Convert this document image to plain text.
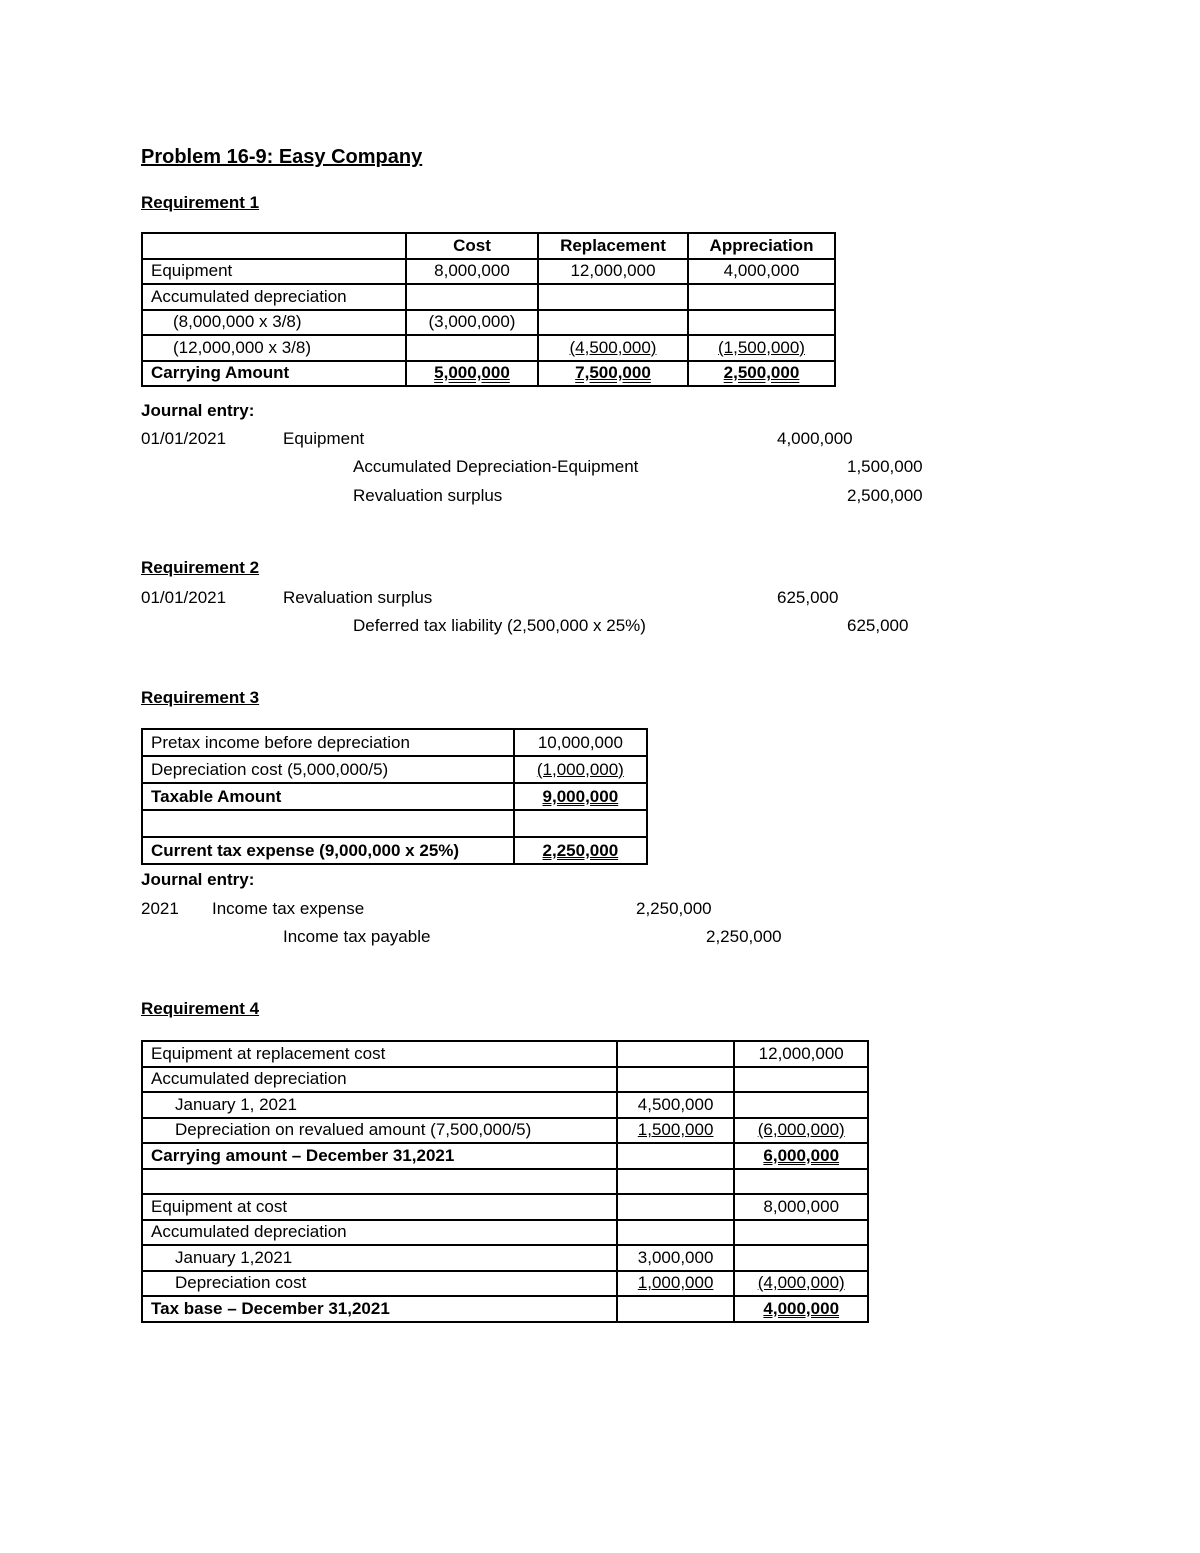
Problem 16-9: Easy Company
Requirement 1
	Cost	Replacement	Appreciation
Equipment	8,000,000	12,000,000	4,000,000
Accumulated depreciation			
(8,000,000 x 3/8)	(3,000,000)		
(12,000,000 x 3/8)		(4,500,000)	(1,500,000)
Carrying Amount	5,000,000	7,500,000	2,500,000
Journal entry:
01/01/2021	Equipment	4,000,000
Accumulated Depreciation-Equipment	1,500,000
Revaluation surplus	2,500,000
Requirement 2
01/01/2021	Revaluation surplus	625,000
Deferred tax liability (2,500,000 x 25%)	625,000
Requirement 3
Pretax income before depreciation	10,000,000
Depreciation cost (5,000,000/5)	(1,000,000)
Taxable Amount	9,000,000

Current tax expense (9,000,000 x 25%)	2,250,000
Journal entry:
2021 Income tax expense	2,250,000
Income tax payable	2,250,000
Requirement 4
Equipment at replacement cost		12,000,000
Accumulated depreciation		
January 1, 2021	4,500,000	
Depreciation on revalued amount (7,500,000/5)	1,500,000	(6,000,000)
Carrying amount – December 31,2021		6,000,000

Equipment at cost		8,000,000
Accumulated depreciation		
January 1,2021	3,000,000	
Depreciation cost	1,000,000	(4,000,000)
Tax base – December 31,2021		4,000,000
